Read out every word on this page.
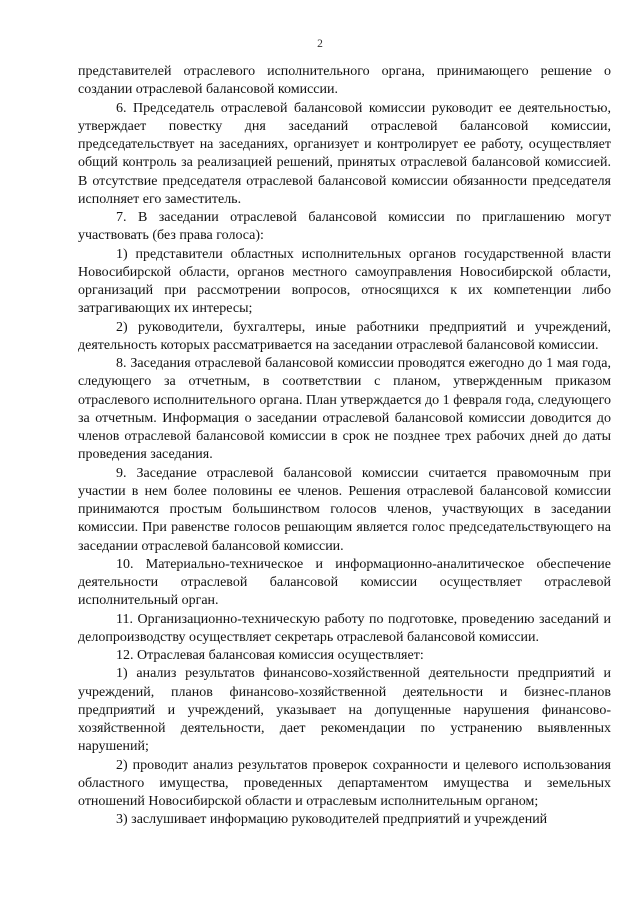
2

представителей отраслевого исполнительного органа, принимающего решение о создании отраслевой балансовой комиссии.

6. Председатель отраслевой балансовой комиссии руководит ее деятельностью, утверждает повестку дня заседаний отраслевой балансовой комиссии, председательствует на заседаниях, организует и контролирует ее работу, осуществляет общий контроль за реализацией решений, принятых отраслевой балансовой комиссией. В отсутствие председателя отраслевой балансовой комиссии обязанности председателя исполняет его заместитель.

7. В заседании отраслевой балансовой комиссии по приглашению могут участвовать (без права голоса):

1) представители областных исполнительных органов государственной власти Новосибирской области, органов местного самоуправления Новосибирской области, организаций при рассмотрении вопросов, относящихся к их компетенции либо затрагивающих их интересы;

2) руководители, бухгалтеры, иные работники предприятий и учреждений, деятельность которых рассматривается на заседании отраслевой балансовой комиссии.

8. Заседания отраслевой балансовой комиссии проводятся ежегодно до 1 мая года, следующего за отчетным, в соответствии с планом, утвержденным приказом отраслевого исполнительного органа. План утверждается до 1 февраля года, следующего за отчетным. Информация о заседании отраслевой балансовой комиссии доводится до членов отраслевой балансовой комиссии в срок не позднее трех рабочих дней до даты проведения заседания.

9. Заседание отраслевой балансовой комиссии считается правомочным при участии в нем более половины ее членов. Решения отраслевой балансовой комиссии принимаются простым большинством голосов членов, участвующих в заседании комиссии. При равенстве голосов решающим является голос председательствующего на заседании отраслевой балансовой комиссии.

10. Материально-техническое и информационно-аналитическое обеспечение деятельности отраслевой балансовой комиссии осуществляет отраслевой исполнительный орган.

11. Организационно-техническую работу по подготовке, проведению заседаний и делопроизводству осуществляет секретарь отраслевой балансовой комиссии.

12. Отраслевая балансовая комиссия осуществляет:

1) анализ результатов финансово-хозяйственной деятельности предприятий и учреждений, планов финансово-хозяйственной деятельности и бизнес-планов предприятий и учреждений, указывает на допущенные нарушения финансово-хозяйственной деятельности, дает рекомендации по устранению выявленных нарушений;

2) проводит анализ результатов проверок сохранности и целевого использования областного имущества, проведенных департаментом имущества и земельных отношений Новосибирской области и отраслевым исполнительным органом;

3) заслушивает информацию руководителей предприятий и учреждений
